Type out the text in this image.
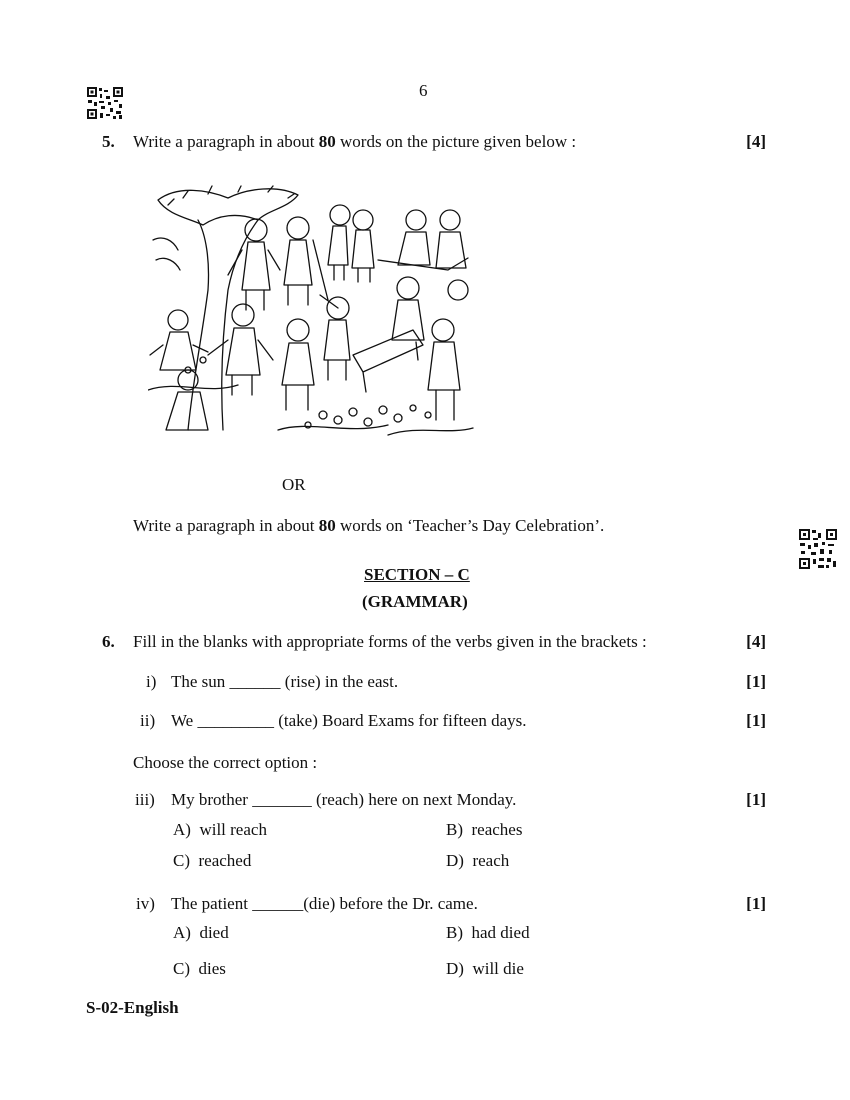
6
5. Write a paragraph in about 80 words on the picture given below :	[4]
OR
Write a paragraph in about 80 words on ‘Teacher’s Day Celebration’.
SECTION – C
(GRAMMAR)
6. Fill in the blanks with appropriate forms of the verbs given in the brackets :	[4]
i) The sun ______ (rise) in the east.	[1]
ii) We _________ (take) Board Exams for fifteen days.	[1]
Choose the correct option :
iii) My brother _______ (reach) here on next Monday.	[1]
A) will reach	B) reaches
C) reached	D) reach
iv) The patient ______(die) before the Dr. came.	[1]
A) died	B) had died
C) dies	D) will die
S-02-English
